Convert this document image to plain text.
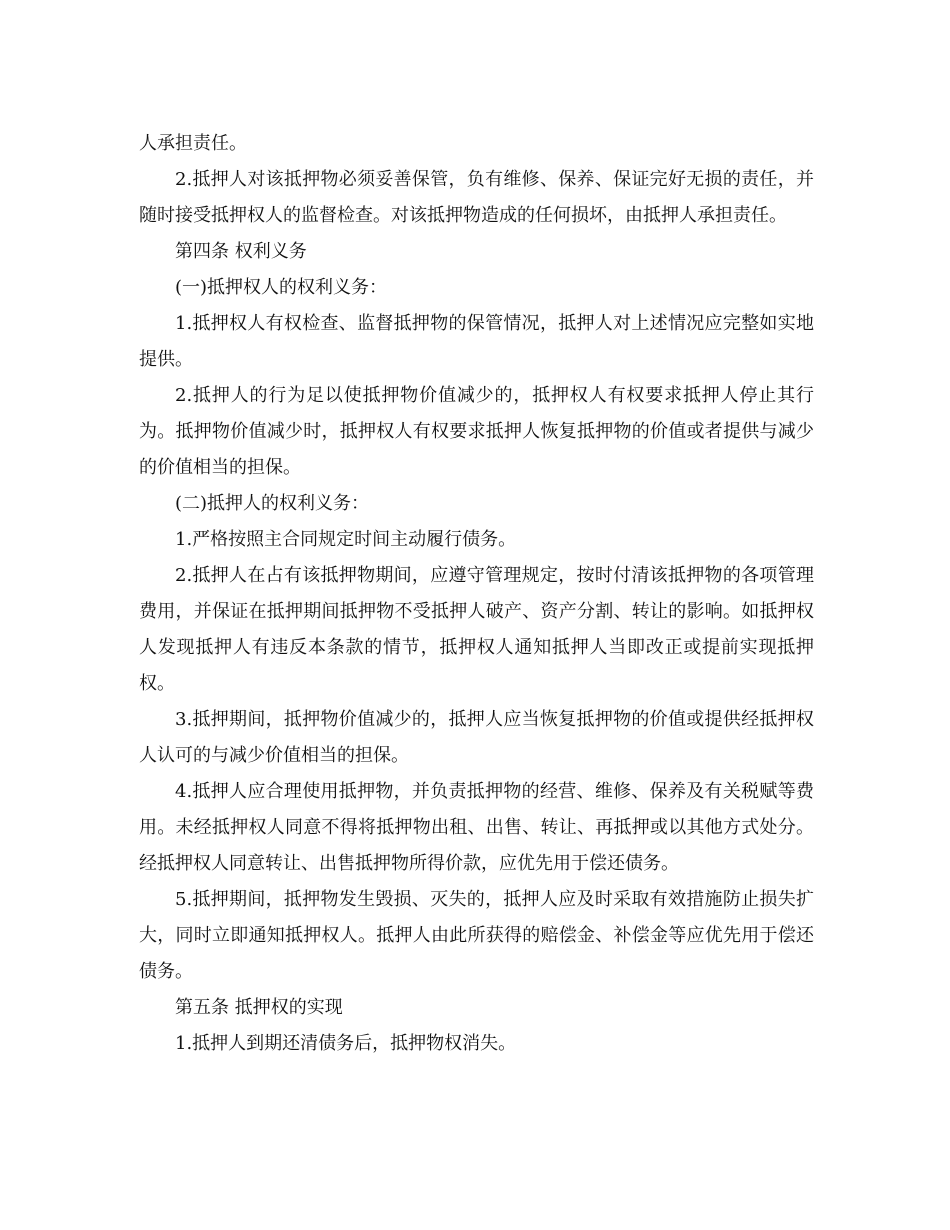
人承担责任。

2.抵押人对该抵押物必须妥善保管，负有维修、保养、保证完好无损的责任，并随时接受抵押权人的监督检查。对该抵押物造成的任何损坏，由抵押人承担责任。

第四条 权利义务

(一)抵押权人的权利义务：

1.抵押权人有权检查、监督抵押物的保管情况，抵押人对上述情况应完整如实地提供。

2.抵押人的行为足以使抵押物价值减少的，抵押权人有权要求抵押人停止其行为。抵押物价值减少时，抵押权人有权要求抵押人恢复抵押物的价值或者提供与减少的价值相当的担保。

(二)抵押人的权利义务：

1.严格按照主合同规定时间主动履行债务。

2.抵押人在占有该抵押物期间，应遵守管理规定，按时付清该抵押物的各项管理费用，并保证在抵押期间抵押物不受抵押人破产、资产分割、转让的影响。如抵押权人发现抵押人有违反本条款的情节，抵押权人通知抵押人当即改正或提前实现抵押权。

3.抵押期间，抵押物价值减少的，抵押人应当恢复抵押物的价值或提供经抵押权人认可的与减少价值相当的担保。

4.抵押人应合理使用抵押物，并负责抵押物的经营、维修、保养及有关税赋等费用。未经抵押权人同意不得将抵押物出租、出售、转让、再抵押或以其他方式处分。经抵押权人同意转让、出售抵押物所得价款，应优先用于偿还债务。

5.抵押期间，抵押物发生毁损、灭失的，抵押人应及时采取有效措施防止损失扩大，同时立即通知抵押权人。抵押人由此所获得的赔偿金、补偿金等应优先用于偿还债务。

第五条 抵押权的实现

1.抵押人到期还清债务后，抵押物权消失。
